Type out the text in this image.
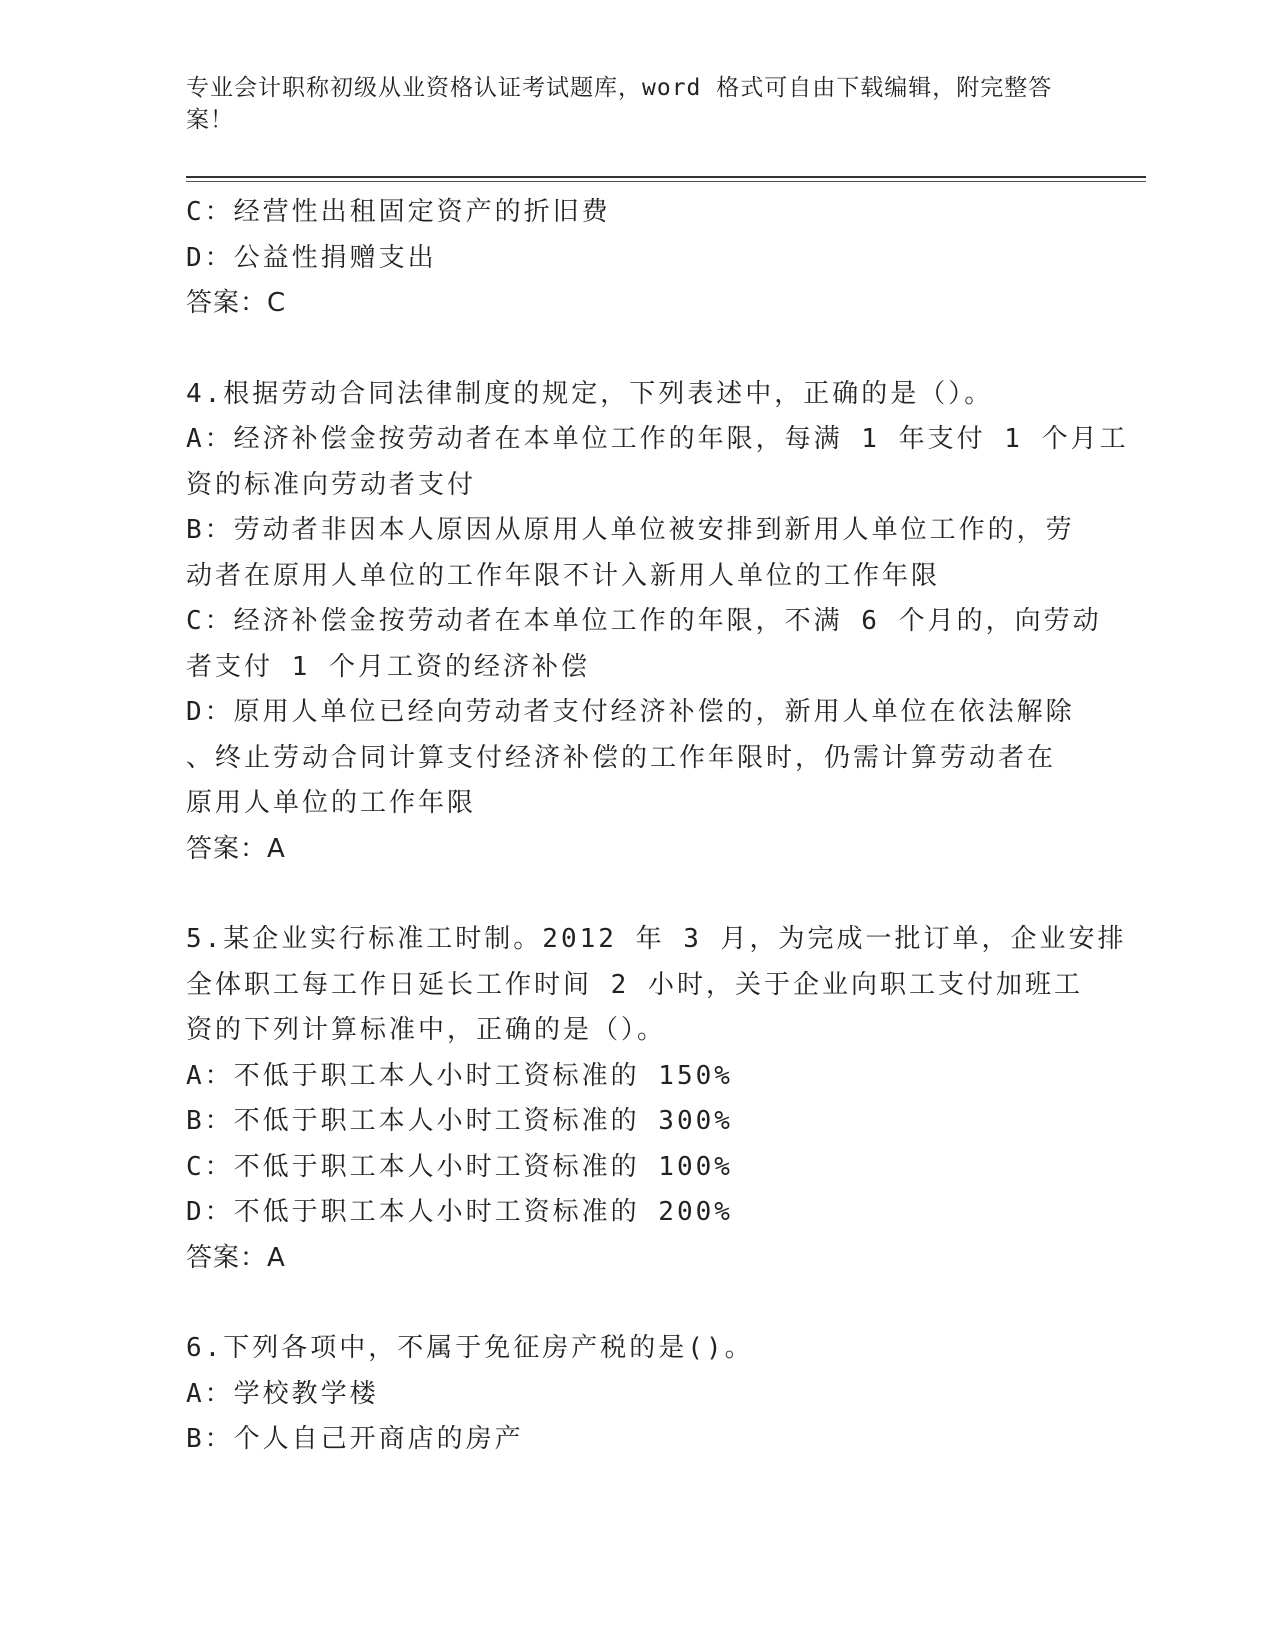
专业会计职称初级从业资格认证考试题库，word 格式可自由下载编辑，附完整答
案！
C：经营性出租固定资产的折旧费
D：公益性捐赠支出
答案：C
4.根据劳动合同法律制度的规定，下列表述中，正确的是（）。
A：经济补偿金按劳动者在本单位工作的年限，每满 1 年支付 1 个月工
资的标准向劳动者支付
B：劳动者非因本人原因从原用人单位被安排到新用人单位工作的，劳
动者在原用人单位的工作年限不计入新用人单位的工作年限
C：经济补偿金按劳动者在本单位工作的年限，不满 6 个月的，向劳动
者支付 1 个月工资的经济补偿
D：原用人单位已经向劳动者支付经济补偿的，新用人单位在依法解除
、终止劳动合同计算支付经济补偿的工作年限时，仍需计算劳动者在
原用人单位的工作年限
答案：A
5.某企业实行标准工时制。2012 年 3 月，为完成一批订单，企业安排
全体职工每工作日延长工作时间 2 小时，关于企业向职工支付加班工
资的下列计算标准中，正确的是（）。
A：不低于职工本人小时工资标准的 150%
B：不低于职工本人小时工资标准的 300%
C：不低于职工本人小时工资标准的 100%
D：不低于职工本人小时工资标准的 200%
答案：A
6.下列各项中，不属于免征房产税的是()。
A：学校教学楼
B：个人自己开商店的房产
